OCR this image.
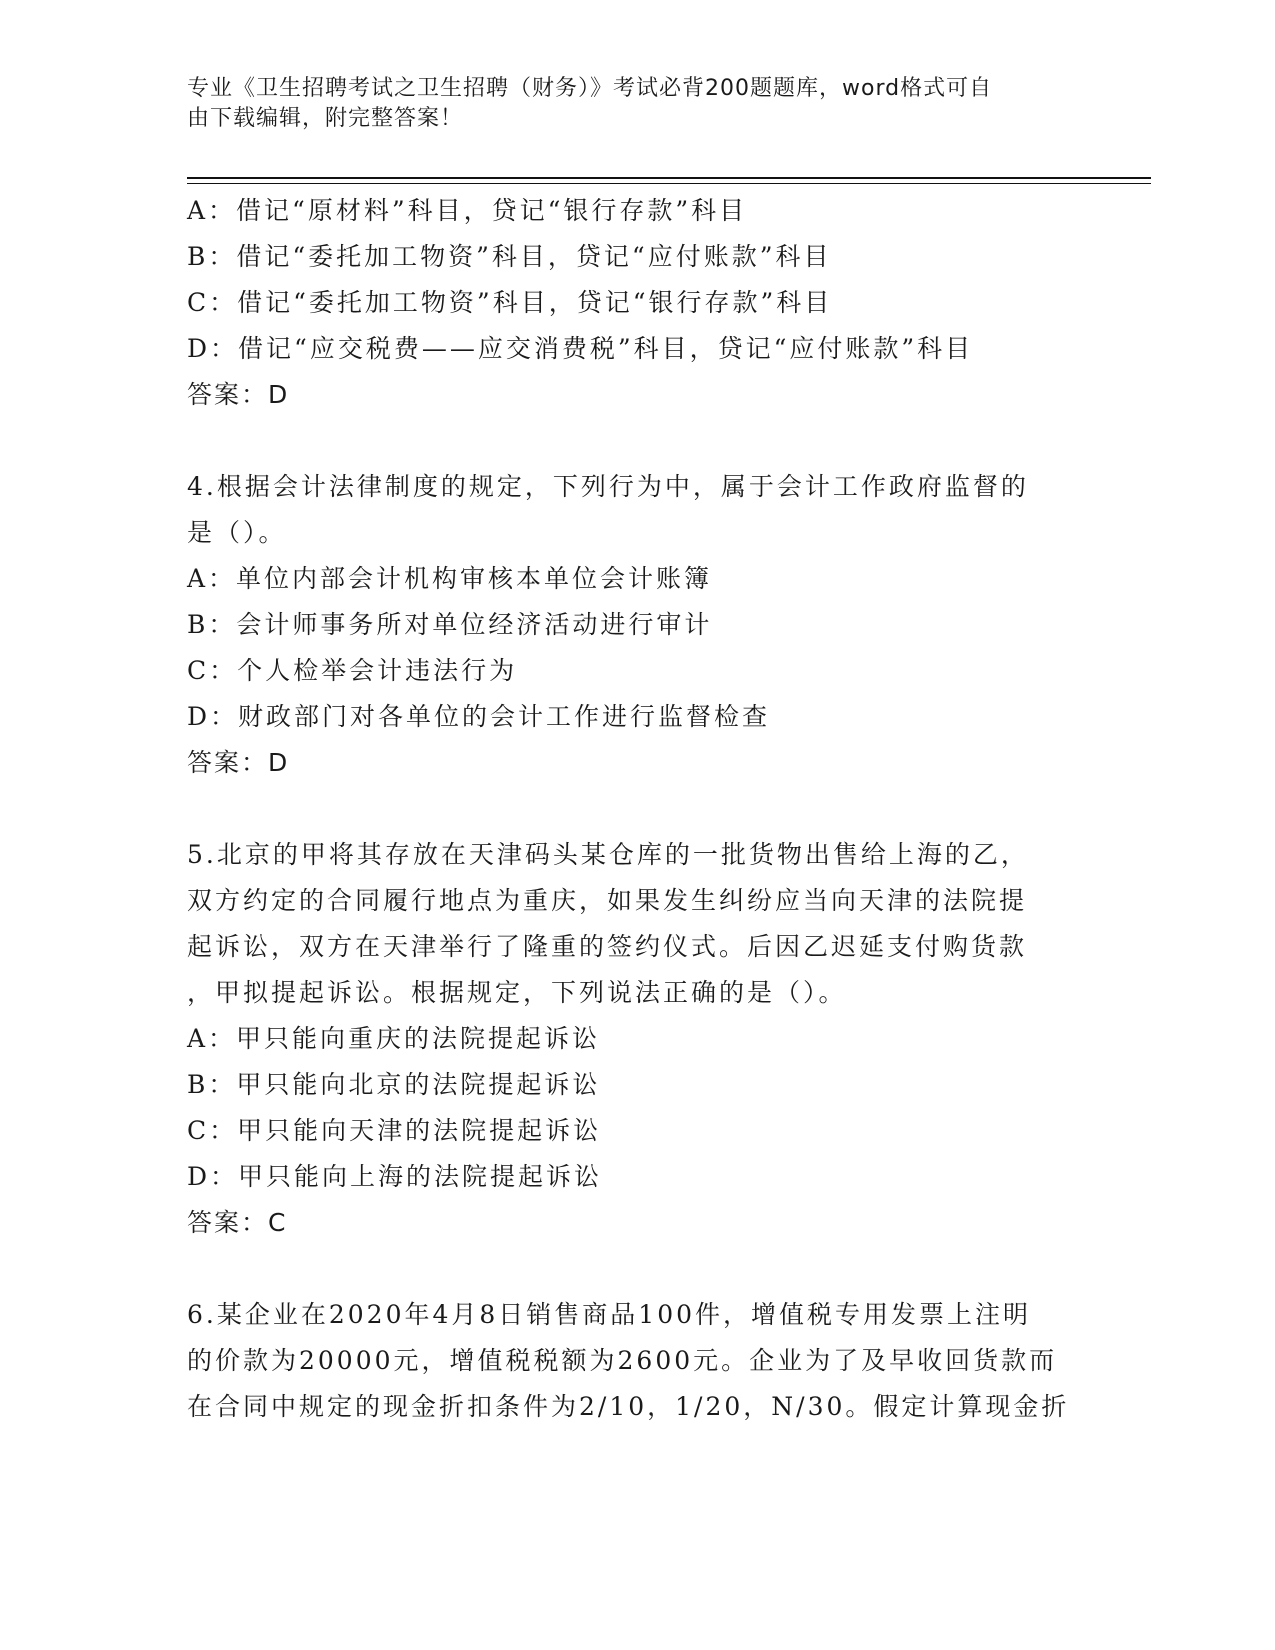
专业《卫生招聘考试之卫生招聘（财务）》考试必背200题题库，word格式可自
由下载编辑，附完整答案！
A：借记“原材料”科目，贷记“银行存款”科目
B：借记“委托加工物资”科目，贷记“应付账款”科目
C：借记“委托加工物资”科目，贷记“银行存款”科目
D：借记“应交税费——应交消费税”科目，贷记“应付账款”科目
答案：D
4.根据会计法律制度的规定，下列行为中，属于会计工作政府监督的
是（）。
A：单位内部会计机构审核本单位会计账簿
B：会计师事务所对单位经济活动进行审计
C：个人检举会计违法行为
D：财政部门对各单位的会计工作进行监督检查
答案：D
5.北京的甲将其存放在天津码头某仓库的一批货物出售给上海的乙，
双方约定的合同履行地点为重庆，如果发生纠纷应当向天津的法院提
起诉讼，双方在天津举行了隆重的签约仪式。后因乙迟延支付购货款
，甲拟提起诉讼。根据规定，下列说法正确的是（）。
A：甲只能向重庆的法院提起诉讼
B：甲只能向北京的法院提起诉讼
C：甲只能向天津的法院提起诉讼
D：甲只能向上海的法院提起诉讼
答案：C
6.某企业在2020年4月8日销售商品100件，增值税专用发票上注明
的价款为20000元，增值税税额为2600元。企业为了及早收回货款而
在合同中规定的现金折扣条件为2/10，1/20，N/30。假定计算现金折
